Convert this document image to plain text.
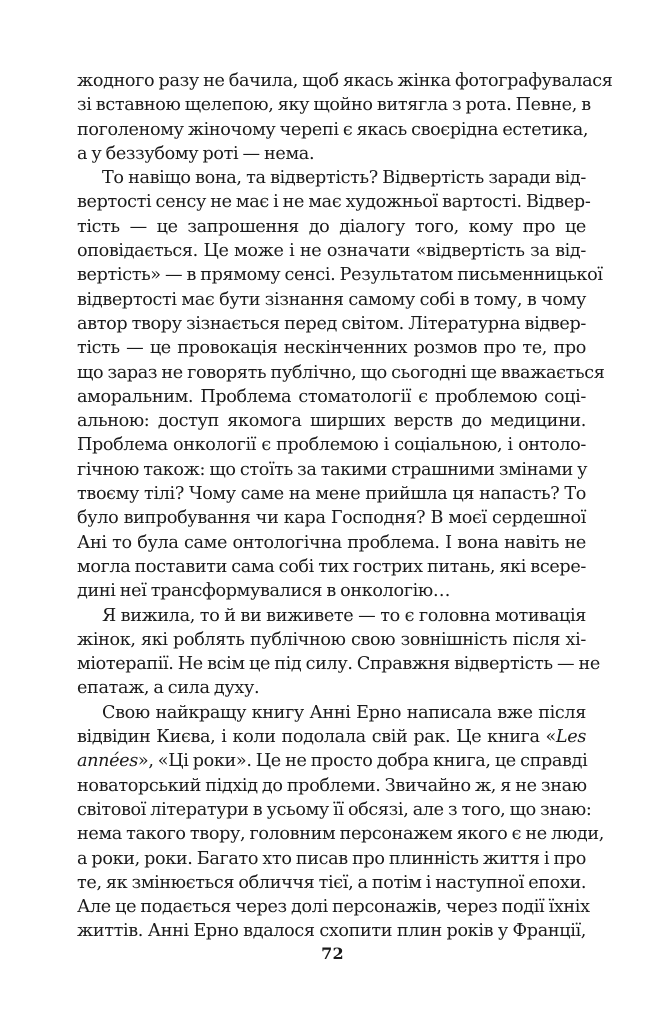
жодного разу не бачила, щоб якась жінка фотографувалася
зі вставною щелепою, яку щойно витягла з рота. Певне, в
поголеному жіночому черепі є якась своєрідна естетика,
а у беззубому роті — нема.
То навіщо вона, та відвертість? Відвертість заради від-
вертості сенсу не має і не має художньої вартості. Відвер-
тість — це запрошення до діалогу того, кому про це
оповідається. Це може і не означати «відвертість за від-
вертість» — в прямому сенсі. Результатом письменницької
відвертості має бути зізнання самому собі в тому, в чому
автор твору зізнається перед світом. Літературна відвер-
тість — це провокація нескінченних розмов про те, про
що зараз не говорять публічно, що сьогодні ще вважається
аморальним. Проблема стоматології є проблемою соці-
альною: доступ якомога ширших верств до медицини.
Проблема онкології є проблемою і соціальною, і онтоло-
гічною також: що стоїть за такими страшними змінами у
твоєму тілі? Чому саме на мене прийшла ця напасть? То
було випробування чи кара Господня? В моєї сердешної
Ані то була саме онтологічна проблема. І вона навіть не
могла поставити сама собі тих гострих питань, які всере-
дині неї трансформувалися в онкологію…
Я вижила, то й ви виживете — то є головна мотивація
жінок, які роблять публічною свою зовнішність після хі-
міотерапії. Не всім це під силу. Справжня відвертість — не
епатаж, а сила духу.
Свою найкращу книгу Анні Ерно написала вже після
відвідин Києва, і коли подолала свій рак. Це книга «Les
années», «Ці роки». Це не просто добра книга, це справді
новаторський підхід до проблеми. Звичайно ж, я не знаю
світової літератури в усьому її обсязі, але з того, що знаю:
нема такого твору, головним персонажем якого є не люди,
а роки, роки. Багато хто писав про плинність життя і про
те, як змінюється обличчя тієї, а потім і наступної епохи.
Але це подається через долі персонажів, через події їхніх
життів. Анні Ерно вдалося схопити плин років у Франції,
72
